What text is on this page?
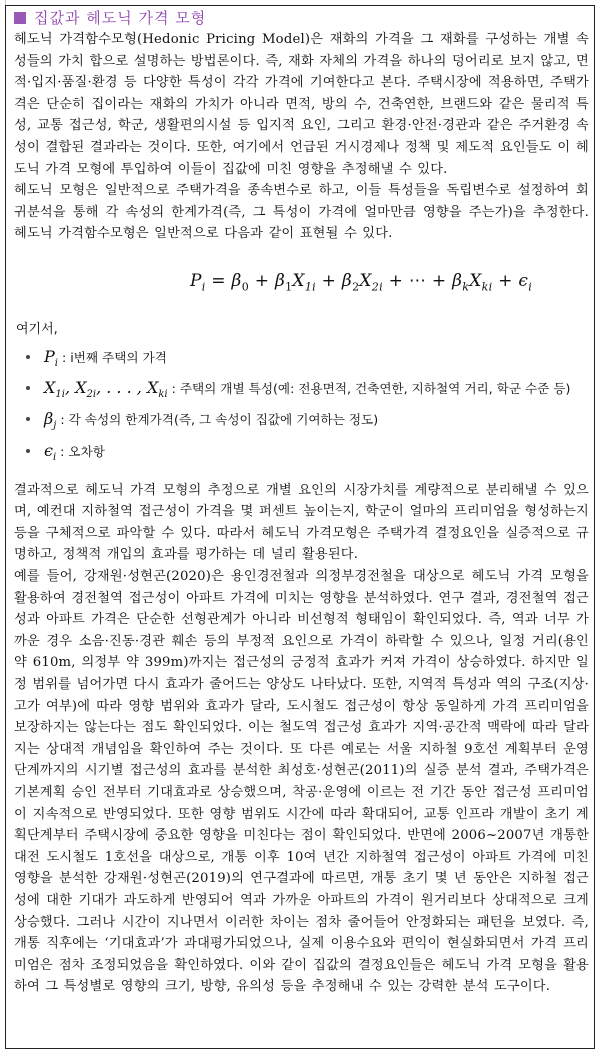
집값과 헤도닉 가격 모형

헤도닉 가격함수모형(Hedonic Pricing Model)은 재화의 가격을 그 재화를 구성하는 개별 속성들의 가치 합으로 설명하는 방법론이다. 즉, 재화 자체의 가격을 하나의 덩어리로 보지 않고, 면적·입지·품질·환경 등 다양한 특성이 각각 가격에 기여한다고 본다. 주택시장에 적용하면, 주택가격은 단순히 집이라는 재화의 가치가 아니라 면적, 방의 수, 건축연한, 브랜드와 같은 물리적 특성, 교통 접근성, 학군, 생활편의시설 등 입지적 요인, 그리고 환경·안전·경관과 같은 주거환경 속성이 결합된 결과라는 것이다. 또한, 여기에서 언급된 거시경제나 정책 및 제도적 요인들도 이 헤도닉 가격 모형에 투입하여 이들이 집값에 미친 영향을 추정해낼 수 있다.

헤도닉 모형은 일반적으로 주택가격을 종속변수로 하고, 이들 특성들을 독립변수로 설정하여 회귀분석을 통해 각 속성의 한계가격(즉, 그 특성이 가격에 얼마만큼 영향을 주는가)을 추정한다. 헤도닉 가격함수모형은 일반적으로 다음과 같이 표현될 수 있다.

$P_i = \beta_0 + \beta_1X_{1i} + \beta_2X_{2i}$ + ⋯ + $\beta_kX_{ki} + \epsilon_i$
여기서,
$P_i$ : i번째 주택의 가격
$X_{1i}$, $X_{2i}$, . . . , $X_{ki}$ : 주택의 개별 특성(예: 전용면적, 건축연한, 지하철역 거리, 학군 수준 등)
$\beta_j$ : 각 속성의 한계가격(즉, 그 속성이 집값에 기여하는 정도)
$\epsilon_i$ : 오차항

결과적으로 헤도닉 가격 모형의 추정으로 개별 요인의 시장가치를 계량적으로 분리해낼 수 있으며, 예컨대 지하철역 접근성이 가격을 몇 퍼센트 높이는지, 학군이 얼마의 프리미엄을 형성하는지 등을 구체적으로 파악할 수 있다. 따라서 헤도닉 가격모형은 주택가격 결정요인을 실증적으로 규명하고, 정책적 개입의 효과를 평가하는 데 널리 활용된다.

예를 들어, 강재원·성현곤(2020)은 용인경전철과 의정부경전철을 대상으로 헤도닉 가격 모형을 활용하여 경전철역 접근성이 아파트 가격에 미치는 영향을 분석하였다. 연구 결과, 경전철역 접근성과 아파트 가격은 단순한 선형관계가 아니라 비선형적 형태임이 확인되었다. 즉, 역과 너무 가까운 경우 소음·진동·경관 훼손 등의 부정적 요인으로 가격이 하락할 수 있으나, 일정 거리(용인 약 610m, 의정부 약 399m)까지는 접근성의 긍정적 효과가 커져 가격이 상승하였다. 하지만 일정 범위를 넘어가면 다시 효과가 줄어드는 양상도 나타났다. 또한, 지역적 특성과 역의 구조(지상·고가 여부)에 따라 영향 범위와 효과가 달라, 도시철도 접근성이 항상 동일하게 가격 프리미엄을 보장하지는 않는다는 점도 확인되었다. 이는 철도역 접근성 효과가 지역·공간적 맥락에 따라 달라지는 상대적 개념임을 확인하여 주는 것이다. 또 다른 예로는 서울 지하철 9호선 계획부터 운영 단계까지의 시기별 접근성의 효과를 분석한 최성호·성현곤(2011)의 실증 분석 결과, 주택가격은 기본계획 승인 전부터 기대효과로 상승했으며, 착공·운영에 이르는 전 기간 동안 접근성 프리미엄이 지속적으로 반영되었다. 또한 영향 범위도 시간에 따라 확대되어, 교통 인프라 개발이 초기 계획단계부터 주택시장에 중요한 영향을 미친다는 점이 확인되었다. 반면에 2006~2007년 개통한 대전 도시철도 1호선을 대상으로, 개통 이후 10여 년간 지하철역 접근성이 아파트 가격에 미친 영향을 분석한 강재원·성현곤(2019)의 연구결과에 따르면, 개통 초기 몇 년 동안은 지하철 접근성에 대한 기대가 과도하게 반영되어 역과 가까운 아파트의 가격이 원거리보다 상대적으로 크게 상승했다. 그러나 시간이 지나면서 이러한 차이는 점차 줄어들어 안정화되는 패턴을 보였다. 즉, 개통 직후에는 ‘기대효과’가 과대평가되었으나, 실제 이용수요와 편익이 현실화되면서 가격 프리미엄은 점차 조정되었음을 확인하였다. 이와 같이 집값의 결정요인들은 헤도닉 가격 모형을 활용하여 그 특성별로 영향의 크기, 방향, 유의성 등을 추정해내 수 있는 강력한 분석 도구이다.
